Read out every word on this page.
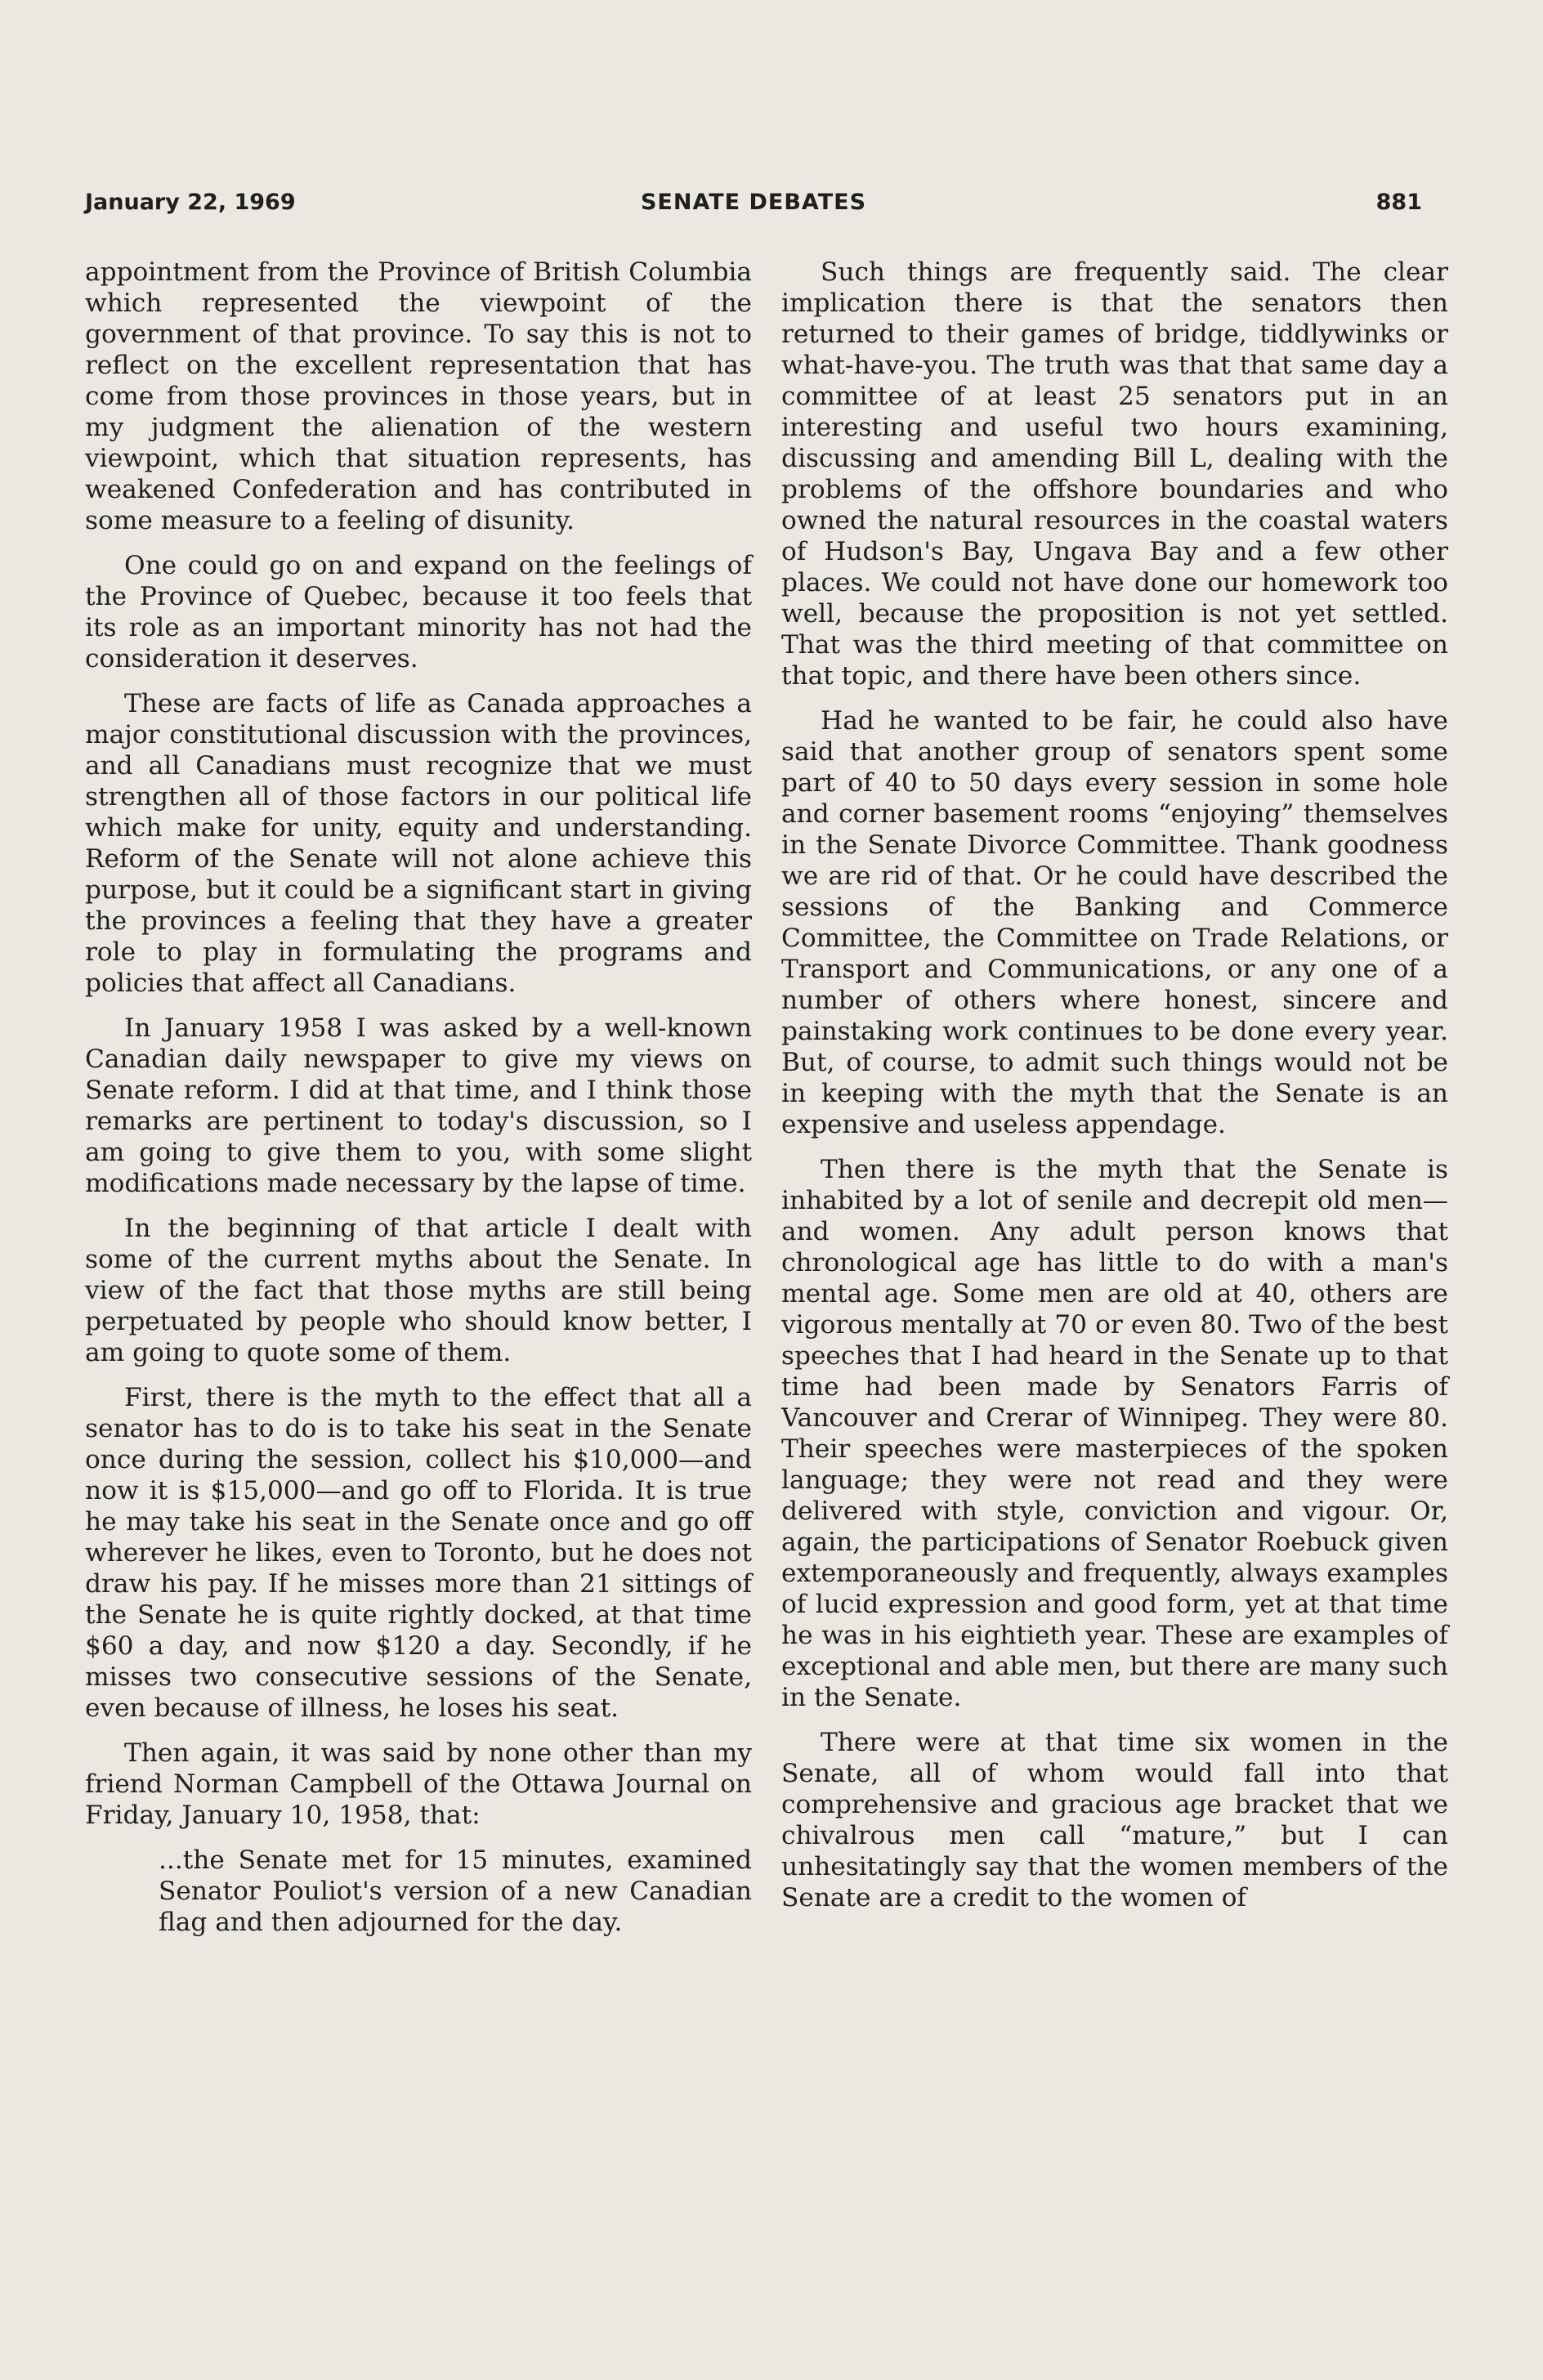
January 22, 1969	SENATE DEBATES	881

appointment from the Province of British Columbia which represented the viewpoint of the government of that province. To say this is not to reflect on the excellent representation that has come from those provinces in those years, but in my judgment the alienation of the western viewpoint, which that situation represents, has weakened Confederation and has contributed in some measure to a feeling of disunity.

One could go on and expand on the feelings of the Province of Quebec, because it too feels that its role as an important minority has not had the consideration it deserves.

These are facts of life as Canada approaches a major constitutional discussion with the provinces, and all Canadians must recognize that we must strengthen all of those factors in our political life which make for unity, equity and understanding. Reform of the Senate will not alone achieve this purpose, but it could be a significant start in giving the provinces a feeling that they have a greater role to play in formulating the programs and policies that affect all Canadians.

In January 1958 I was asked by a well-known Canadian daily newspaper to give my views on Senate reform. I did at that time, and I think those remarks are pertinent to today's discussion, so I am going to give them to you, with some slight modifications made necessary by the lapse of time.

In the beginning of that article I dealt with some of the current myths about the Senate. In view of the fact that those myths are still being perpetuated by people who should know better, I am going to quote some of them.

First, there is the myth to the effect that all a senator has to do is to take his seat in the Senate once during the session, collect his $10,000—and now it is $15,000—and go off to Florida. It is true he may take his seat in the Senate once and go off wherever he likes, even to Toronto, but he does not draw his pay. If he misses more than 21 sittings of the Senate he is quite rightly docked, at that time $60 a day, and now $120 a day. Secondly, if he misses two consecutive sessions of the Senate, even because of illness, he loses his seat.

Then again, it was said by none other than my friend Norman Campbell of the Ottawa Journal on Friday, January 10, 1958, that:

...the Senate met for 15 minutes, examined Senator Pouliot's version of a new Canadian flag and then adjourned for the day.

Such things are frequently said. The clear implication there is that the senators then returned to their games of bridge, tiddlywinks or what-have-you. The truth was that that same day a committee of at least 25 senators put in an interesting and useful two hours examining, discussing and amending Bill L, dealing with the problems of the offshore boundaries and who owned the natural resources in the coastal waters of Hudson's Bay, Ungava Bay and a few other places. We could not have done our homework too well, because the proposition is not yet settled. That was the third meeting of that committee on that topic, and there have been others since.

Had he wanted to be fair, he could also have said that another group of senators spent some part of 40 to 50 days every session in some hole and corner basement rooms “enjoying” themselves in the Senate Divorce Committee. Thank goodness we are rid of that. Or he could have described the sessions of the Banking and Commerce Committee, the Committee on Trade Relations, or Transport and Communications, or any one of a number of others where honest, sincere and painstaking work continues to be done every year. But, of course, to admit such things would not be in keeping with the myth that the Senate is an expensive and useless appendage.

Then there is the myth that the Senate is inhabited by a lot of senile and decrepit old men—and women. Any adult person knows that chronological age has little to do with a man's mental age. Some men are old at 40, others are vigorous mentally at 70 or even 80. Two of the best speeches that I had heard in the Senate up to that time had been made by Senators Farris of Vancouver and Crerar of Winnipeg. They were 80. Their speeches were masterpieces of the spoken language; they were not read and they were delivered with style, conviction and vigour. Or, again, the participations of Senator Roebuck given extemporaneously and frequently, always examples of lucid expression and good form, yet at that time he was in his eightieth year. These are examples of exceptional and able men, but there are many such in the Senate.

There were at that time six women in the Senate, all of whom would fall into that comprehensive and gracious age bracket that we chivalrous men call “mature,” but I can unhesitatingly say that the women members of the Senate are a credit to the women of
